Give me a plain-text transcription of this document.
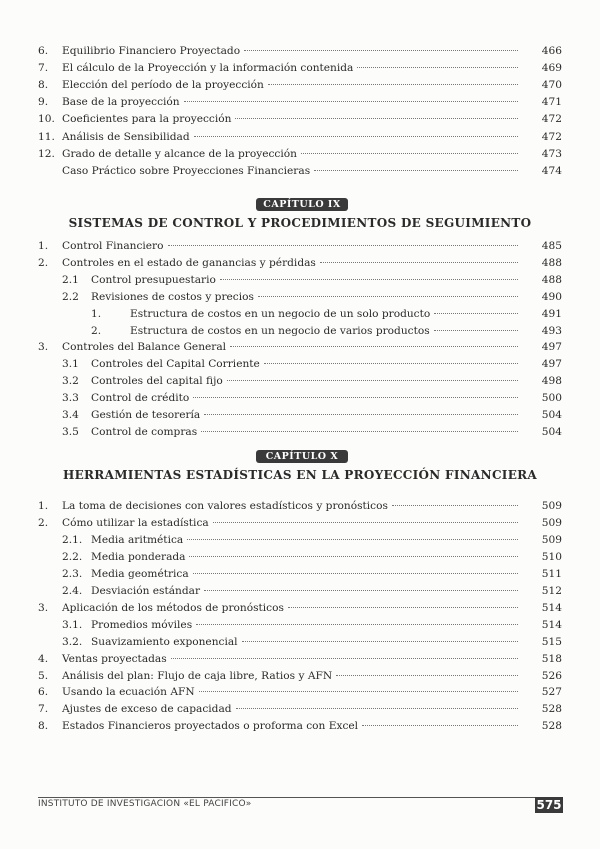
6. Equilibrio Financiero Proyectado	466
7. El cálculo de la Proyección y la información contenida	469
8. Elección del período de la proyección	470
9. Base de la proyección	471
10. Coeficientes para la proyección	472
11. Análisis de Sensibilidad	472
12. Grado de detalle y alcance de la proyección	473
Caso Práctico sobre Proyecciones Financieras	474
CAPÍTULO IX
SISTEMAS DE CONTROL Y PROCEDIMIENTOS DE SEGUIMIENTO
1. Control Financiero	485
2. Controles en el estado de ganancias y pérdidas	488
2.1 Control presupuestario	488
2.2 Revisiones de costos y precios	490
1.	Estructura de costos en un negocio de un solo producto	491
2.	Estructura de costos en un negocio de varios productos	493
3. Controles del Balance General	497
3.1 Controles del Capital Corriente	497
3.2 Controles del capital fijo	498
3.3 Control de crédito	500
3.4 Gestión de tesorería	504
3.5 Control de compras	504
CAPÍTULO X
HERRAMIENTAS ESTADÍSTICAS EN LA PROYECCIÓN FINANCIERA
1. La toma de decisiones con valores estadísticos y pronósticos	509
2. Cómo utilizar la estadística	509
2.1. Media aritmética	509
2.2. Media ponderada	510
2.3. Media geométrica	511
2.4. Desviación estándar	512
3. Aplicación de los métodos de pronósticos	514
3.1. Promedios móviles	514
3.2. Suavizamiento exponencial	515
4. Ventas proyectadas	518
5. Análisis del plan: Flujo de caja libre, Ratios y AFN	526
6. Usando la ecuación AFN	527
7. Ajustes de exceso de capacidad	528
8. Estados Financieros proyectados o proforma con Excel	528
INSTITUTO DE INVESTIGACION «EL PACIFICO»	575
